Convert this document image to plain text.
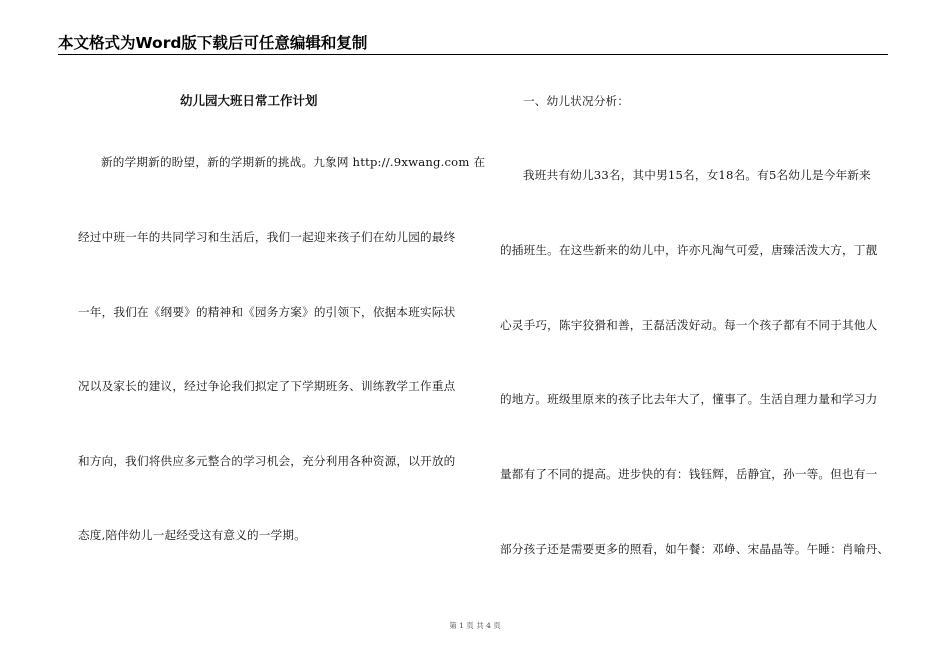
本文格式为Word版下载后可任意编辑和复制
幼儿园大班日常工作计划
新的学期新的盼望，新的学期新的挑战。九象网 http://.9xwang.com 在
经过中班一年的共同学习和生活后，我们一起迎来孩子们在幼儿园的最终
一年，我们在《纲要》的精神和《园务方案》的引领下，依据本班实际状
况以及家长的建议，经过争论我们拟定了下学期班务、训练教学工作重点
和方向，我们将供应多元整合的学习机会，充分利用各种资源，以开放的
态度,陪伴幼儿一起经受这有意义的一学期。
一、幼儿状况分析：
我班共有幼儿33名，其中男15名，女18名。有5名幼儿是今年新来
的插班生。在这些新来的幼儿中，许亦凡淘气可爱，唐臻活泼大方，丁靓
心灵手巧，陈宇狡猾和善，王磊活泼好动。每一个孩子都有不同于其他人
的地方。班级里原来的孩子比去年大了，懂事了。生活自理力量和学习力
量都有了不同的提高。进步快的有：钱钰辉，岳静宜，孙一等。但也有一
部分孩子还是需要更多的照看，如午餐：邓峥、宋晶晶等。午睡：肖喻丹、
第 1 页 共 4 页
